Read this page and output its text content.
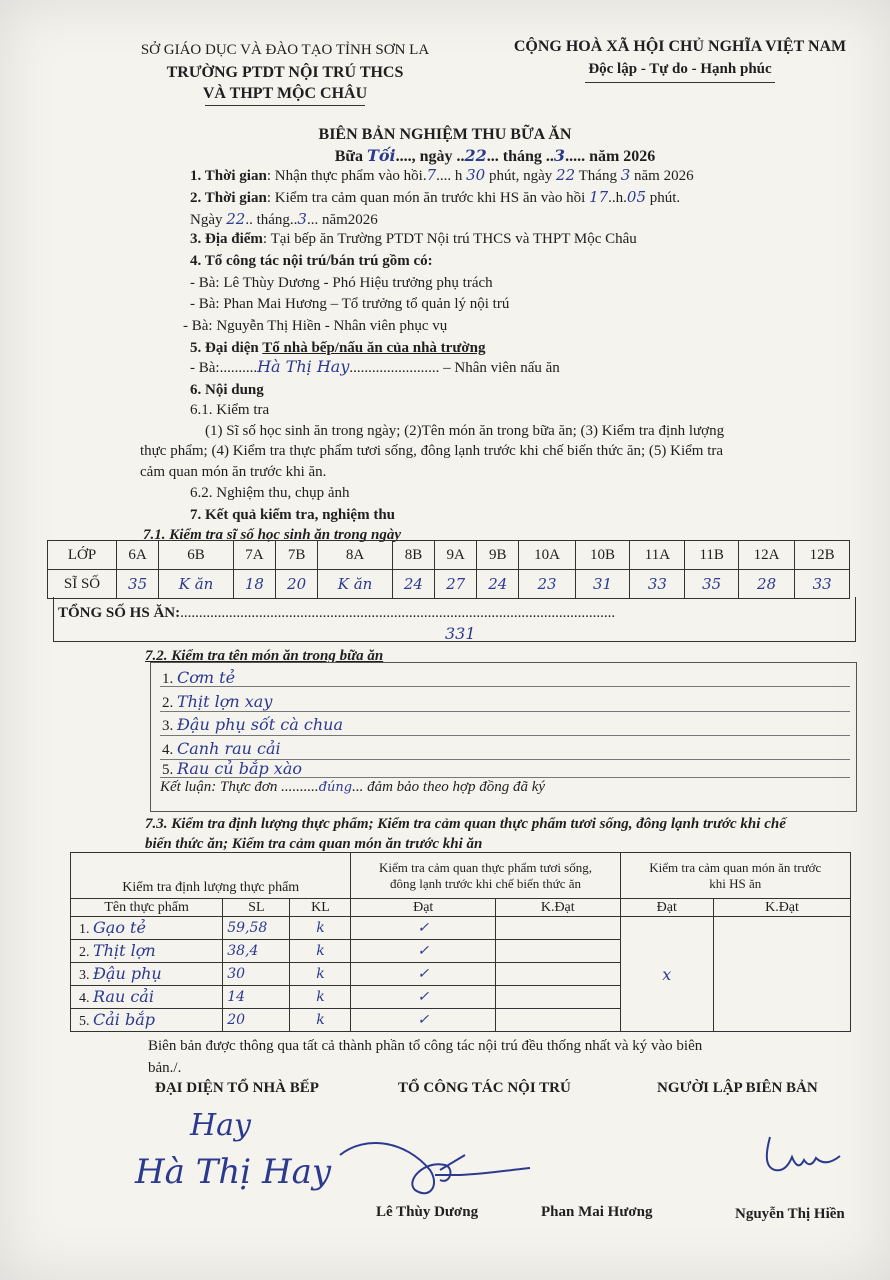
SỞ GIÁO DỤC VÀ ĐÀO TẠO TỈNH SƠN LA
TRƯỜNG PTDT NỘI TRÚ THCS
VÀ THPT MỘC CHÂU
CỘNG HOÀ XÃ HỘI CHỦ NGHĨA VIỆT NAM
Độc lập - Tự do - Hạnh phúc
BIÊN BẢN NGHIỆM THU BỮA ĂN
Bữa Tối...., ngày ..22... tháng ..3..... năm 2026
1. Thời gian: Nhận thực phẩm vào hồi.7.... h 30 phút, ngày 22 Tháng 3 năm 2026
2. Thời gian: Kiểm tra cảm quan món ăn trước khi HS ăn vào hồi 17..h.05 phút.
Ngày 22.. tháng..3... năm2026
3. Địa điểm: Tại bếp ăn Trường PTDT Nội trú THCS và THPT Mộc Châu
4. Tổ công tác nội trú/bán trú gồm có:
- Bà: Lê Thùy Dương - Phó Hiệu trưởng phụ trách
- Bà: Phan Mai Hương – Tổ trưởng tổ quản lý nội trú
- Bà: Nguyễn Thị Hiền - Nhân viên phục vụ
5. Đại diện Tổ nhà bếp/nấu ăn của nhà trường
- Bà:..........Hà Thị Hay........................ – Nhân viên nấu ăn
6. Nội dung
6.1. Kiểm tra
(1) Sĩ số học sinh ăn trong ngày; (2)Tên món ăn trong bữa ăn; (3) Kiểm tra định lượng
thực phẩm; (4) Kiểm tra thực phẩm tươi sống, đông lạnh trước khi chế biến thức ăn; (5) Kiểm tra
cảm quan món ăn trước khi ăn.
6.2. Nghiệm thu, chụp ảnh
7. Kết quả kiểm tra, nghiệm thu
7.1. Kiểm tra sĩ số học sinh ăn trong ngày
LỚP	6A	6B	7A	7B	8A	8B	9A	9B	10A	10B	11A	11B	12A	12B
SĨ SỐ	35	K ăn	18	20	K ăn	24	27	24	23	31	33	35	28	33
TỔNG SỐ HS ĂN:....................................................................................................................
331
7.2. Kiểm tra tên món ăn trong bữa ăn
1. Cơm tẻ
2. Thịt lợn xay
3. Đậu phụ sốt cà chua
4. Canh rau cải
5. Rau củ bắp xào
Kết luận: Thực đơn ..........đúng... đảm bảo theo hợp đồng đã ký
7.3. Kiểm tra định lượng thực phẩm; Kiểm tra cảm quan thực phẩm tươi sống, đông lạnh trước khi chế
biến thức ăn; Kiểm tra cảm quan món ăn trước khi ăn
Kiểm tra định lượng thực phẩm			Kiểm tra cảm quan thực phẩm tươi sống, đông lạnh trước khi chế biến thức ăn		Kiểm tra cảm quan món ăn trước khi HS ăn	
Tên thực phẩm	SL	KL	Đạt	K.Đạt	Đạt	K.Đạt
1. Gạo tẻ	59,58	k	✓		x	
2. Thịt lợn	38,4	k	✓			
3. Đậu phụ	30	k	✓			
4. Rau cải	14	k	✓			
5. Cải bắp	20	k	✓			
Biên bản được thông qua tất cả thành phần tổ công tác nội trú đều thống nhất và ký vào biên
bản./.
ĐẠI DIỆN TỔ NHÀ BẾP	TỔ CÔNG TÁC NỘI TRÚ	NGƯỜI LẬP BIÊN BẢN
Hay
Hà Thị Hay
Lê Thùy Dương	Phan Mai Hương	Nguyễn Thị Hiền
